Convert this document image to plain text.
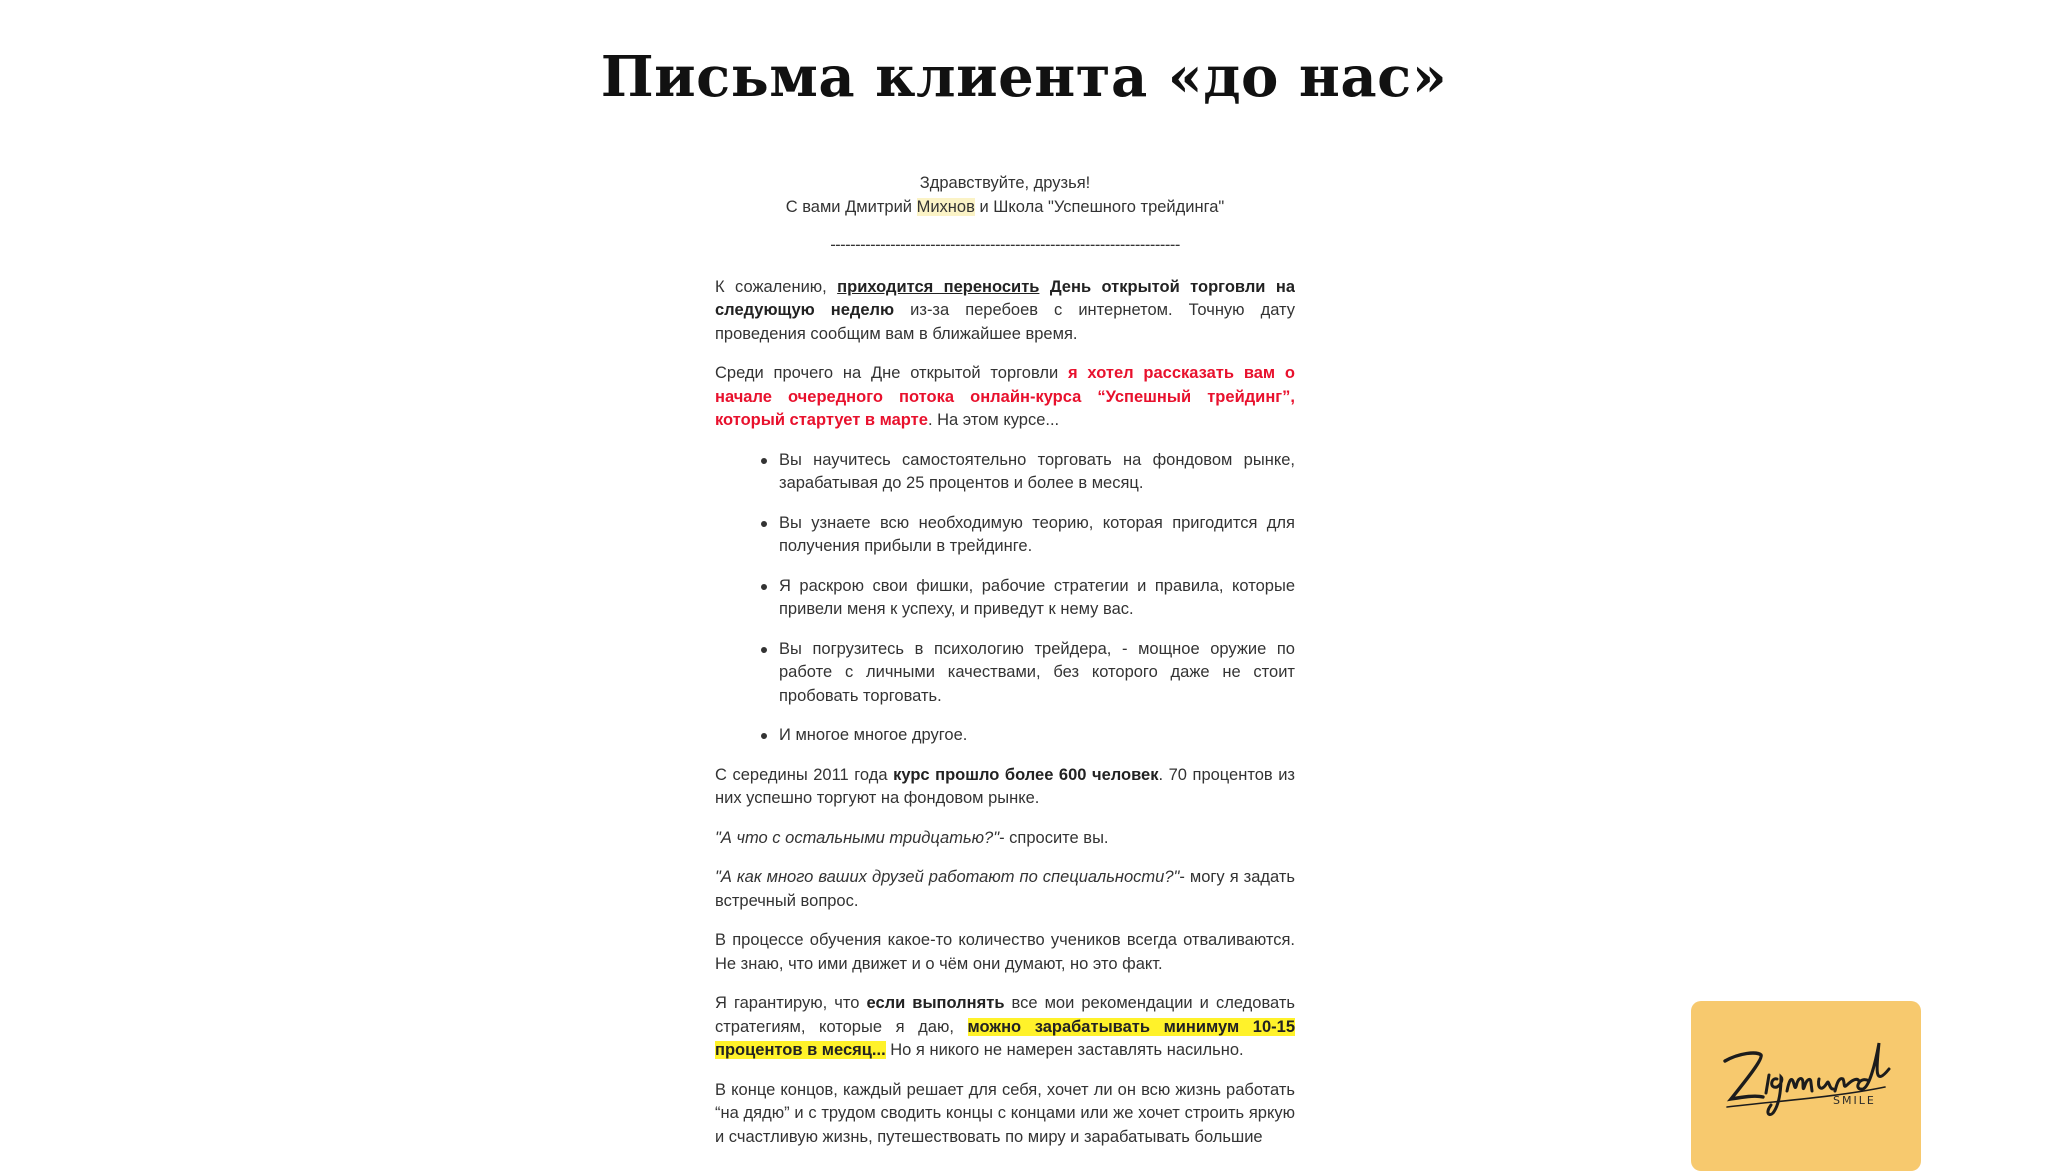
Письма клиента «до нас»
Здравствуйте, друзья!
С вами Дмитрий Михнов и Школа "Успешного трейдинга"
----------------------------------------------------------------------

К сожалению, приходится переносить День открытой торговли на следующую неделю из-за перебоев с интернетом. Точную дату проведения сообщим вам в ближайшее время.

Среди прочего на Дне открытой торговли я хотел рассказать вам о начале очередного потока онлайн-курса “Успешный трейдинг”, который стартует в марте. На этом курсе...

Вы научитесь самостоятельно торговать на фондовом рынке, зарабатывая до 25 процентов и более в месяц.
Вы узнаете всю необходимую теорию, которая пригодится для получения прибыли в трейдинге.
Я раскрою свои фишки, рабочие стратегии и правила, которые привели меня к успеху, и приведут к нему вас.
Вы погрузитесь в психологию трейдера, - мощное оружие по работе с личными качествами, без которого даже не стоит пробовать торговать.
И многое многое другое.

С середины 2011 года курс прошло более 600 человек. 70 процентов из них успешно торгуют на фондовом рынке.

"А что с остальными тридцатью?"- спросите вы.

"А как много ваших друзей работают по специальности?"- могу я задать встречный вопрос.

В процессе обучения какое-то количество учеников всегда отваливаются. Не знаю, что ими движет и о чём они думают, но это факт.

Я гарантирую, что если выполнять все мои рекомендации и следовать стратегиям, которые я даю, можно зарабатывать минимум 10-15 процентов в месяц... Но я никого не намерен заставлять насильно.

В конце концов, каждый решает для себя, хочет ли он всю жизнь работать “на дядю” и с трудом сводить концы с концами или же хочет строить яркую и счастливую жизнь, путешествовать по миру и зарабатывать большие

SMILE
